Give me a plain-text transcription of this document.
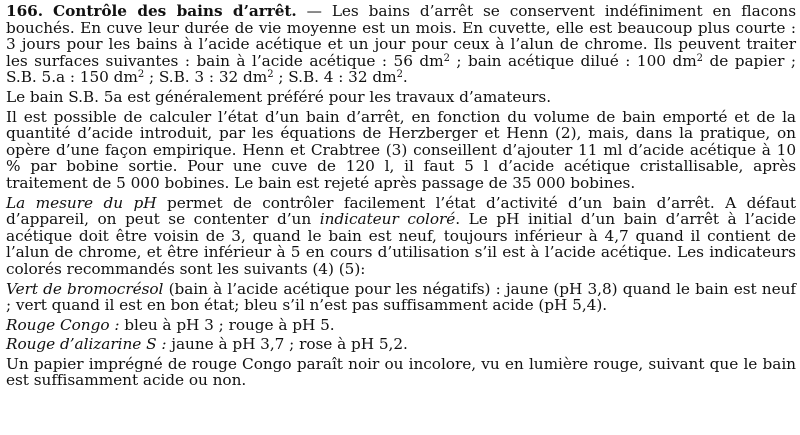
166. Contrôle des bains d’arrêt. — Les bains d’arrêt se conservent indéfiniment en flacons bouchés. En cuve leur durée de vie moyenne est un mois. En cuvette, elle est beaucoup plus courte : 3 jours pour les bains à l’acide acétique et un jour pour ceux à l’alun de chrome. Ils peuvent traiter les surfaces suivantes : bain à l’acide acétique : 56 $dm^2$ ; bain acétique dilué : 100 $dm^2$ de papier ; S.B. 5.a : 150 $dm^2$ ; S.B. 3 : 32 $dm^2$ ; S.B. 4 : 32 $dm^2$.

Le bain S.B. 5a est généralement préféré pour les travaux d’amateurs.

Il est possible de calculer l’état d’un bain d’arrêt, en fonction du volume de bain emporté et de la quantité d’acide introduit, par les équations de Herzberger et Henn (2), mais, dans la pratique, on opère d’une façon empirique. Henn et Crabtree (3) conseillent d’ajouter 11 ml d’acide acétique à 10 % par bobine sortie. Pour une cuve de 120 l, il faut 5 l d’acide acétique cristallisable, après traitement de 5 000 bobines. Le bain est rejeté après passage de 35 000 bobines.

La mesure du pH permet de contrôler facilement l’état d’activité d’un bain d’arrêt. A défaut d’appareil, on peut se contenter d’un indicateur coloré. Le pH initial d’un bain d’arrêt à l’acide acétique doit être voisin de 3, quand le bain est neuf, toujours inférieur à 4,7 quand il contient de l’alun de chrome, et être inférieur à 5 en cours d’utilisation s’il est à l’acide acétique. Les indicateurs colorés recommandés sont les suivants (4) (5):

Vert de bromocrésol (bain à l’acide acétique pour les négatifs) : jaune (pH 3,8) quand le bain est neuf ; vert quand il est en bon état; bleu s’il n’est pas suffisamment acide (pH 5,4).

Rouge Congo : bleu à pH 3 ; rouge à pH 5.

Rouge d’alizarine S : jaune à pH 3,7 ; rose à pH 5,2.

Un papier imprégné de rouge Congo paraît noir ou incolore, vu en lumière rouge, suivant que le bain est suffisamment acide ou non.
